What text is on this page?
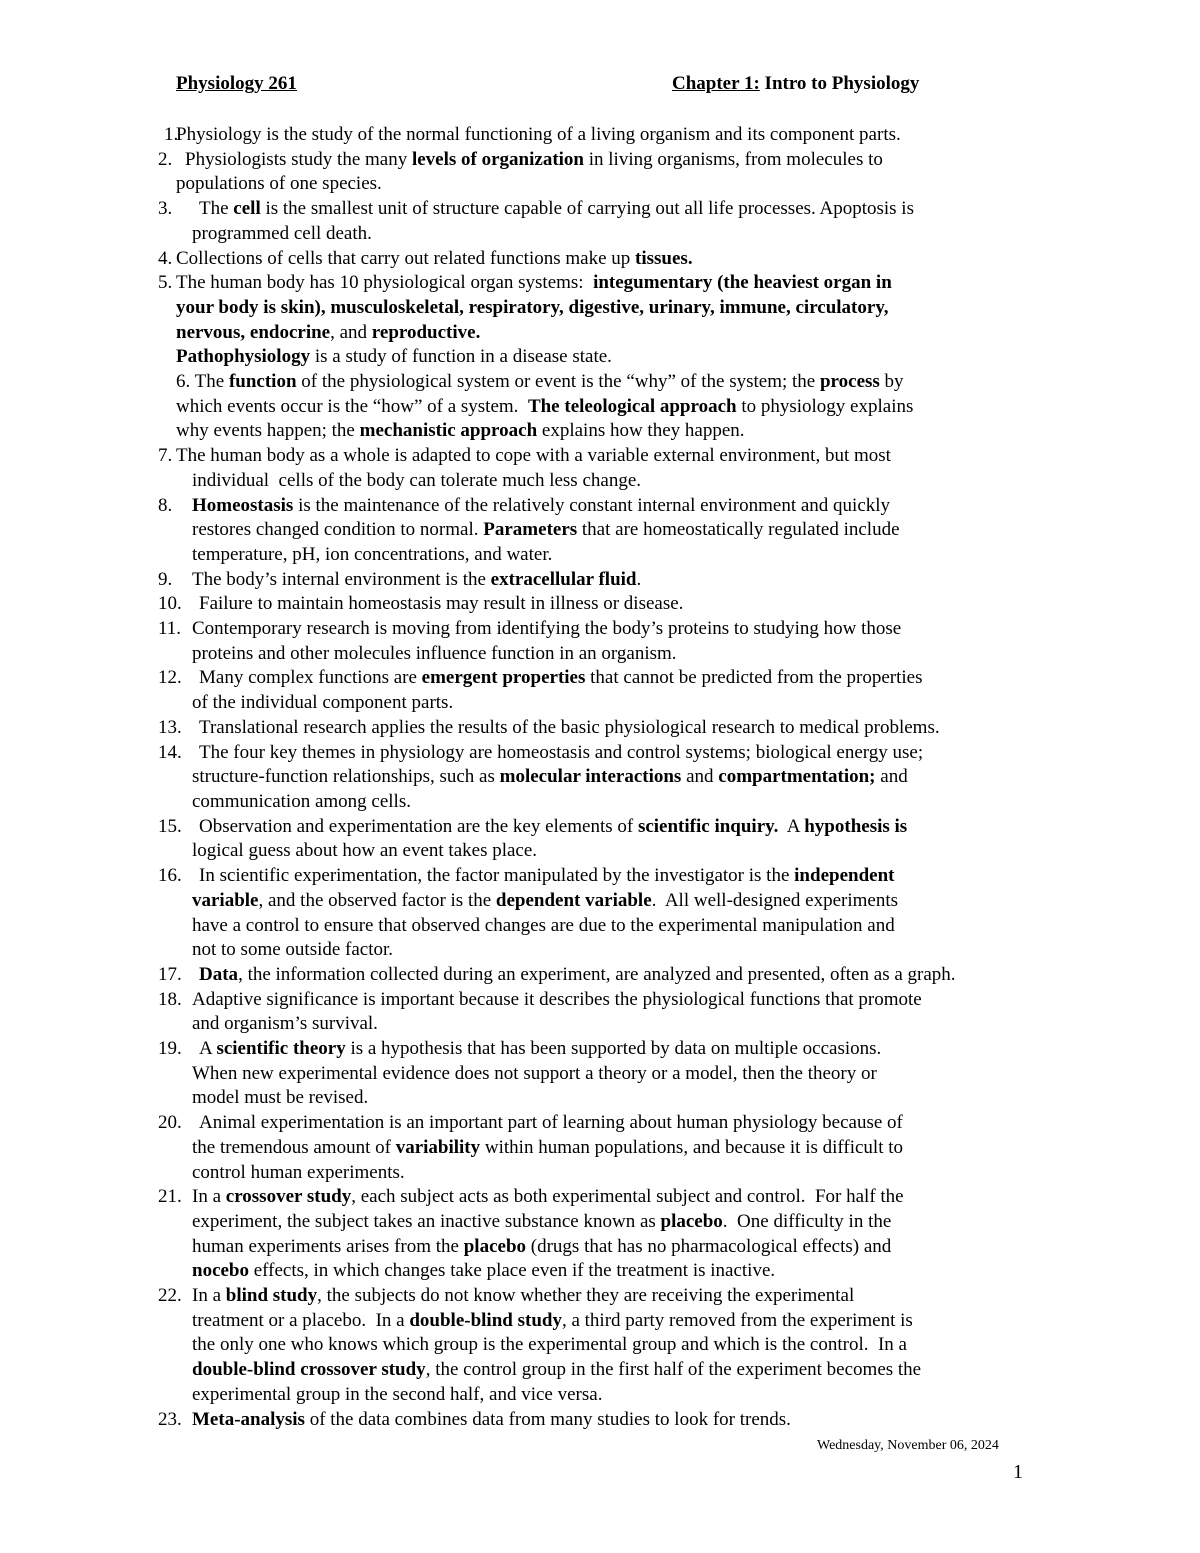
Physiology 261	Chapter 1: Intro to Physiology
1.
Physiology is the study of the normal functioning of a living organism and its component parts.
2. Physiologists study the many levels of organization in living organisms, from molecules to
populations of one species.
3.	The cell is the smallest unit of structure capable of carrying out all life processes. Apoptosis is
programmed cell death.
4. Collections of cells that carry out related functions make up tissues.
5. The human body has 10 physiological organ systems:  integumentary (the heaviest organ in
your body is skin), musculoskeletal, respiratory, digestive, urinary, immune, circulatory,
nervous, endocrine, and reproductive.
Pathophysiology is a study of function in a disease state.
6. The function of the physiological system or event is the “why” of the system; the process by
which events occur is the “how” of a system.  The teleological approach to physiology explains
why events happen; the mechanistic approach explains how they happen.
7. The human body as a whole is adapted to cope with a variable external environment, but most
individual  cells of the body can tolerate much less change.
8.	Homeostasis is the maintenance of the relatively constant internal environment and quickly
restores changed condition to normal. Parameters that are homeostatically regulated include
temperature, pH, ion concentrations, and water.
9.	The body’s internal environment is the extracellular fluid.
10. Failure to maintain homeostasis may result in illness or disease.
11. Contemporary research is moving from identifying the body’s proteins to studying how those
proteins and other molecules influence function in an organism.
12. Many complex functions are emergent properties that cannot be predicted from the properties
of the individual component parts.
13. Translational research applies the results of the basic physiological research to medical problems.
14. The four key themes in physiology are homeostasis and control systems; biological energy use;
structure-function relationships, such as molecular interactions and compartmentation; and
communication among cells.
15. Observation and experimentation are the key elements of scientific inquiry.  A hypothesis is
logical guess about how an event takes place.
16. In scientific experimentation, the factor manipulated by the investigator is the independent
variable, and the observed factor is the dependent variable.  All well-designed experiments
have a control to ensure that observed changes are due to the experimental manipulation and
not to some outside factor.
17. Data, the information collected during an experiment, are analyzed and presented, often as a graph.
18. Adaptive significance is important because it describes the physiological functions that promote
and organism’s survival.
19. A scientific theory is a hypothesis that has been supported by data on multiple occasions.
When new experimental evidence does not support a theory or a model, then the theory or
model must be revised.
20. Animal experimentation is an important part of learning about human physiology because of
the tremendous amount of variability within human populations, and because it is difficult to
control human experiments.
21. In a crossover study, each subject acts as both experimental subject and control.  For half the
experiment, the subject takes an inactive substance known as placebo.  One difficulty in the
human experiments arises from the placebo (drugs that has no pharmacological effects) and
nocebo effects, in which changes take place even if the treatment is inactive.
22. In a blind study, the subjects do not know whether they are receiving the experimental
treatment or a placebo.  In a double-blind study, a third party removed from the experiment is
the only one who knows which group is the experimental group and which is the control.  In a
double-blind crossover study, the control group in the first half of the experiment becomes the
experimental group in the second half, and vice versa.
23. Meta-analysis of the data combines data from many studies to look for trends.
Wednesday, November 06, 2024
1
